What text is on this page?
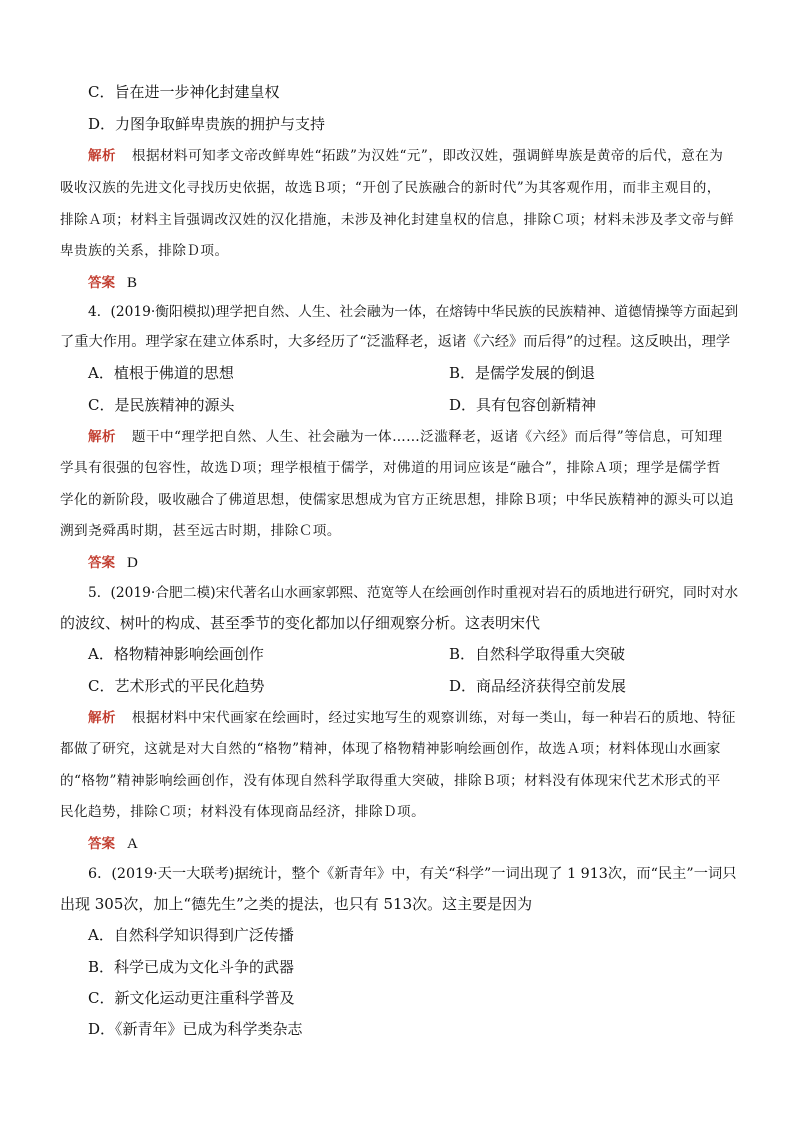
C．旨在进一步神化封建皇权
D．力图争取鲜卑贵族的拥护与支持
解析 根据材料可知孝文帝改鲜卑姓“拓跋”为汉姓“元”，即改汉姓，强调鲜卑族是黄帝的后代，意在为
吸收汉族的先进文化寻找历史依据，故选Ｂ项；“开创了民族融合的新时代”为其客观作用，而非主观目的，
排除Ａ项；材料主旨强调改汉姓的汉化措施，未涉及神化封建皇权的信息，排除Ｃ项；材料未涉及孝文帝与鲜
卑贵族的关系，排除Ｄ项。
答案 B
4．(2019·衡阳模拟)理学把自然、人生、社会融为一体，在熔铸中华民族的民族精神、道德情操等方面起到
了重大作用。理学家在建立体系时，大多经历了“泛滥释老，返诸《六经》而后得”的过程。这反映出，理学
A．植根于佛道的思想	B．是儒学发展的倒退
C．是民族精神的源头	D．具有包容创新精神
解析 题干中“理学把自然、人生、社会融为一体……泛滥释老，返诸《六经》而后得”等信息，可知理
学具有很强的包容性，故选Ｄ项；理学根植于儒学，对佛道的用词应该是“融合”，排除Ａ项；理学是儒学哲
学化的新阶段，吸收融合了佛道思想，使儒家思想成为官方正统思想，排除Ｂ项；中华民族精神的源头可以追
溯到尧舜禹时期，甚至远古时期，排除Ｃ项。
答案 D
5．(2019·合肥二模)宋代著名山水画家郭熙、范宽等人在绘画创作时重视对岩石的质地进行研究，同时对水
的波纹、树叶的构成、甚至季节的变化都加以仔细观察分析。这表明宋代
A．格物精神影响绘画创作	B．自然科学取得重大突破
C．艺术形式的平民化趋势	D．商品经济获得空前发展
解析 根据材料中宋代画家在绘画时，经过实地写生的观察训练，对每一类山，每一种岩石的质地、特征
都做了研究，这就是对大自然的“格物”精神，体现了格物精神影响绘画创作，故选Ａ项；材料体现山水画家
的“格物”精神影响绘画创作，没有体现自然科学取得重大突破，排除Ｂ项；材料没有体现宋代艺术形式的平
民化趋势，排除Ｃ项；材料没有体现商品经济，排除Ｄ项。
答案 A
6．(2019·天一大联考)据统计，整个《新青年》中，有关“科学”一词出现了 1 913次，而“民主”一词只
出现 305次，加上“德先生”之类的提法，也只有 513次。这主要是因为
A．自然科学知识得到广泛传播
B．科学已成为文化斗争的武器
C．新文化运动更注重科学普及
D．《新青年》已成为科学类杂志
